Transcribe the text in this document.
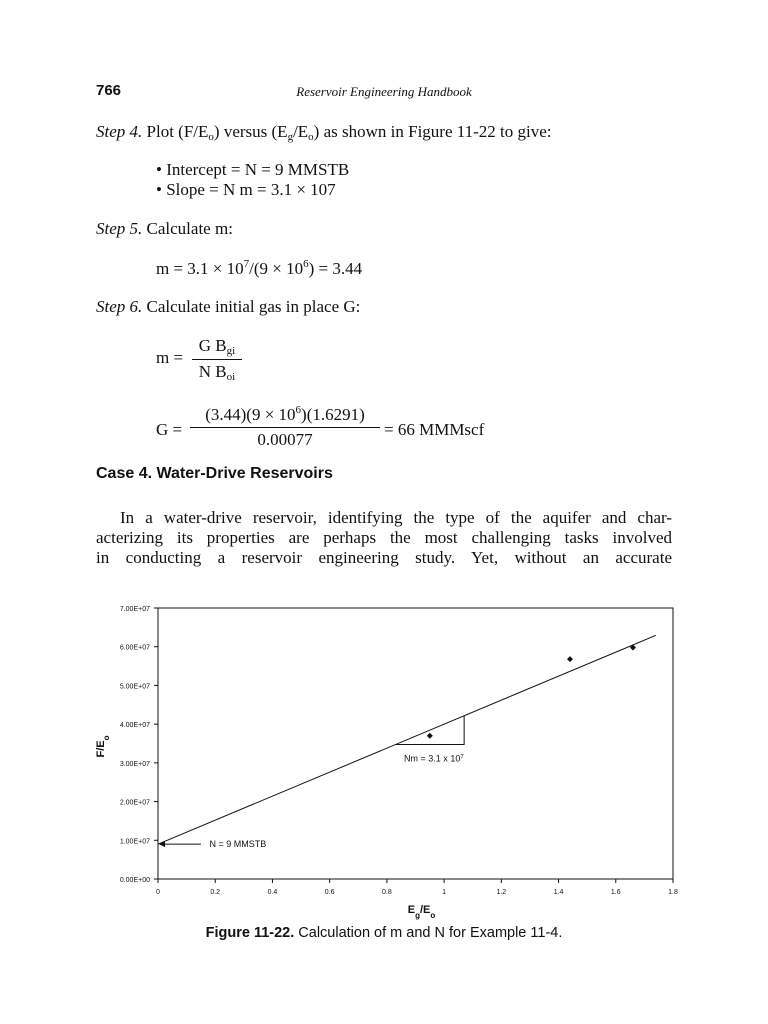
766	Reservoir Engineering Handbook
Step 4. Plot $(F/E_o)$ versus $(E_g/E_o)$ as shown in Figure 11-22 to give:
• Intercept = N = 9 MMSTB
• Slope = N m = 3.1 × 107
Step 5. Calculate m:
$m = 3.1 \times 10^7/(9 \times 10^6) = 3.44$
Step 6. Calculate initial gas in place G:
m =
G $B_{gi}$
N $B_{oi}$
G =
$(3.44)(9 \times 10^6)(1.6291)$
0.00077
= 66 MMMscf
Case 4. Water-Drive Reservoirs
In a water-drive reservoir, identifying the type of the aquifer and char-
acterizing its properties are perhaps the most challenging tasks involved
in conducting a reservoir engineering study. Yet, without an accurate
0.00E+00
1.00E+07
2.00E+07
3.00E+07
4.00E+07
5.00E+07
6.00E+07
7.00E+07
0	0.2	0.4	0.6	0.8	1	1.2	1.4	1.6	1.8
$F/E_o$
$E_g/E_o$
N = 9 MMSTB
Nm = 3.1 x $10^7$
Figure 11-22. Calculation of m and N for Example 11-4.
